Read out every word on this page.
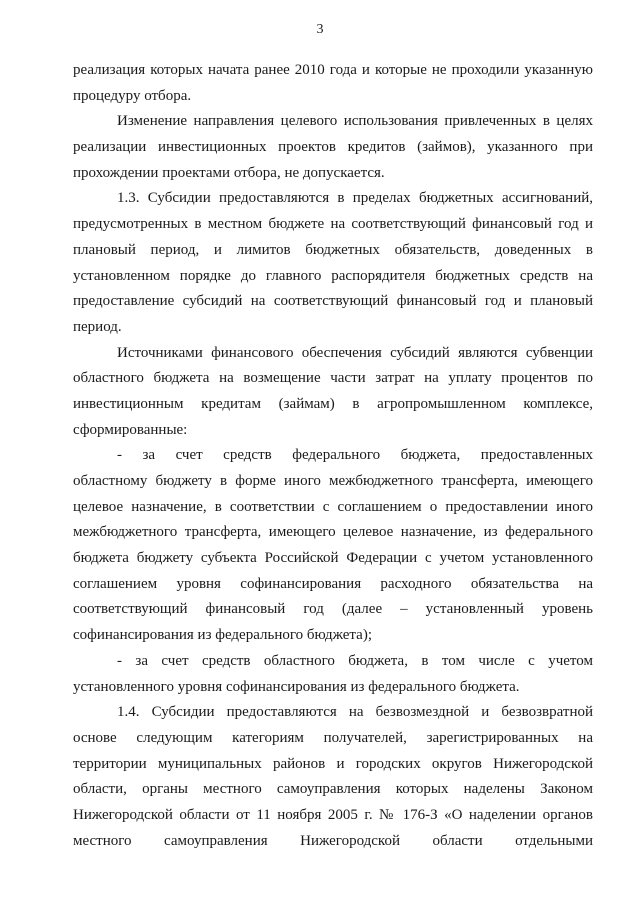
3
реализация которых начата ранее 2010 года и которые не проходили указанную
процедуру отбора.
Изменение направления целевого использования привлеченных в целях
реализации инвестиционных проектов кредитов (займов), указанного при
прохождении проектами отбора, не допускается.
1.3. Субсидии предоставляются в пределах бюджетных ассигнований,
предусмотренных в местном бюджете на соответствующий финансовый год и
плановый период, и лимитов бюджетных обязательств, доведенных в
установленном порядке до главного распорядителя бюджетных средств на
предоставление субсидий на соответствующий финансовый год и плановый
период.
Источниками финансового обеспечения субсидий являются субвенции
областного бюджета на возмещение части затрат на уплату процентов по
инвестиционным кредитам (займам) в агропромышленном комплексе,
сформированные:
- за счет средств федерального бюджета, предоставленных
областному бюджету в форме иного межбюджетного трансферта, имеющего
целевое назначение, в соответствии с соглашением о предоставлении иного
межбюджетного трансферта, имеющего целевое назначение, из федерального
бюджета бюджету субъекта Российской Федерации с учетом установленного
соглашением уровня софинансирования расходного обязательства на
соответствующий финансовый год (далее – установленный уровень
софинансирования из федерального бюджета);
- за счет средств областного бюджета, в том числе с учетом
установленного уровня софинансирования из федерального бюджета.
1.4. Субсидии предоставляются на безвозмездной и безвозвратной
основе следующим категориям получателей, зарегистрированных на
территории муниципальных районов и городских округов Нижегородской
области, органы местного самоуправления которых наделены Законом
Нижегородской области от 11 ноября 2005 г. № 176-З «О наделении органов
местного самоуправления Нижегородской области отдельными
